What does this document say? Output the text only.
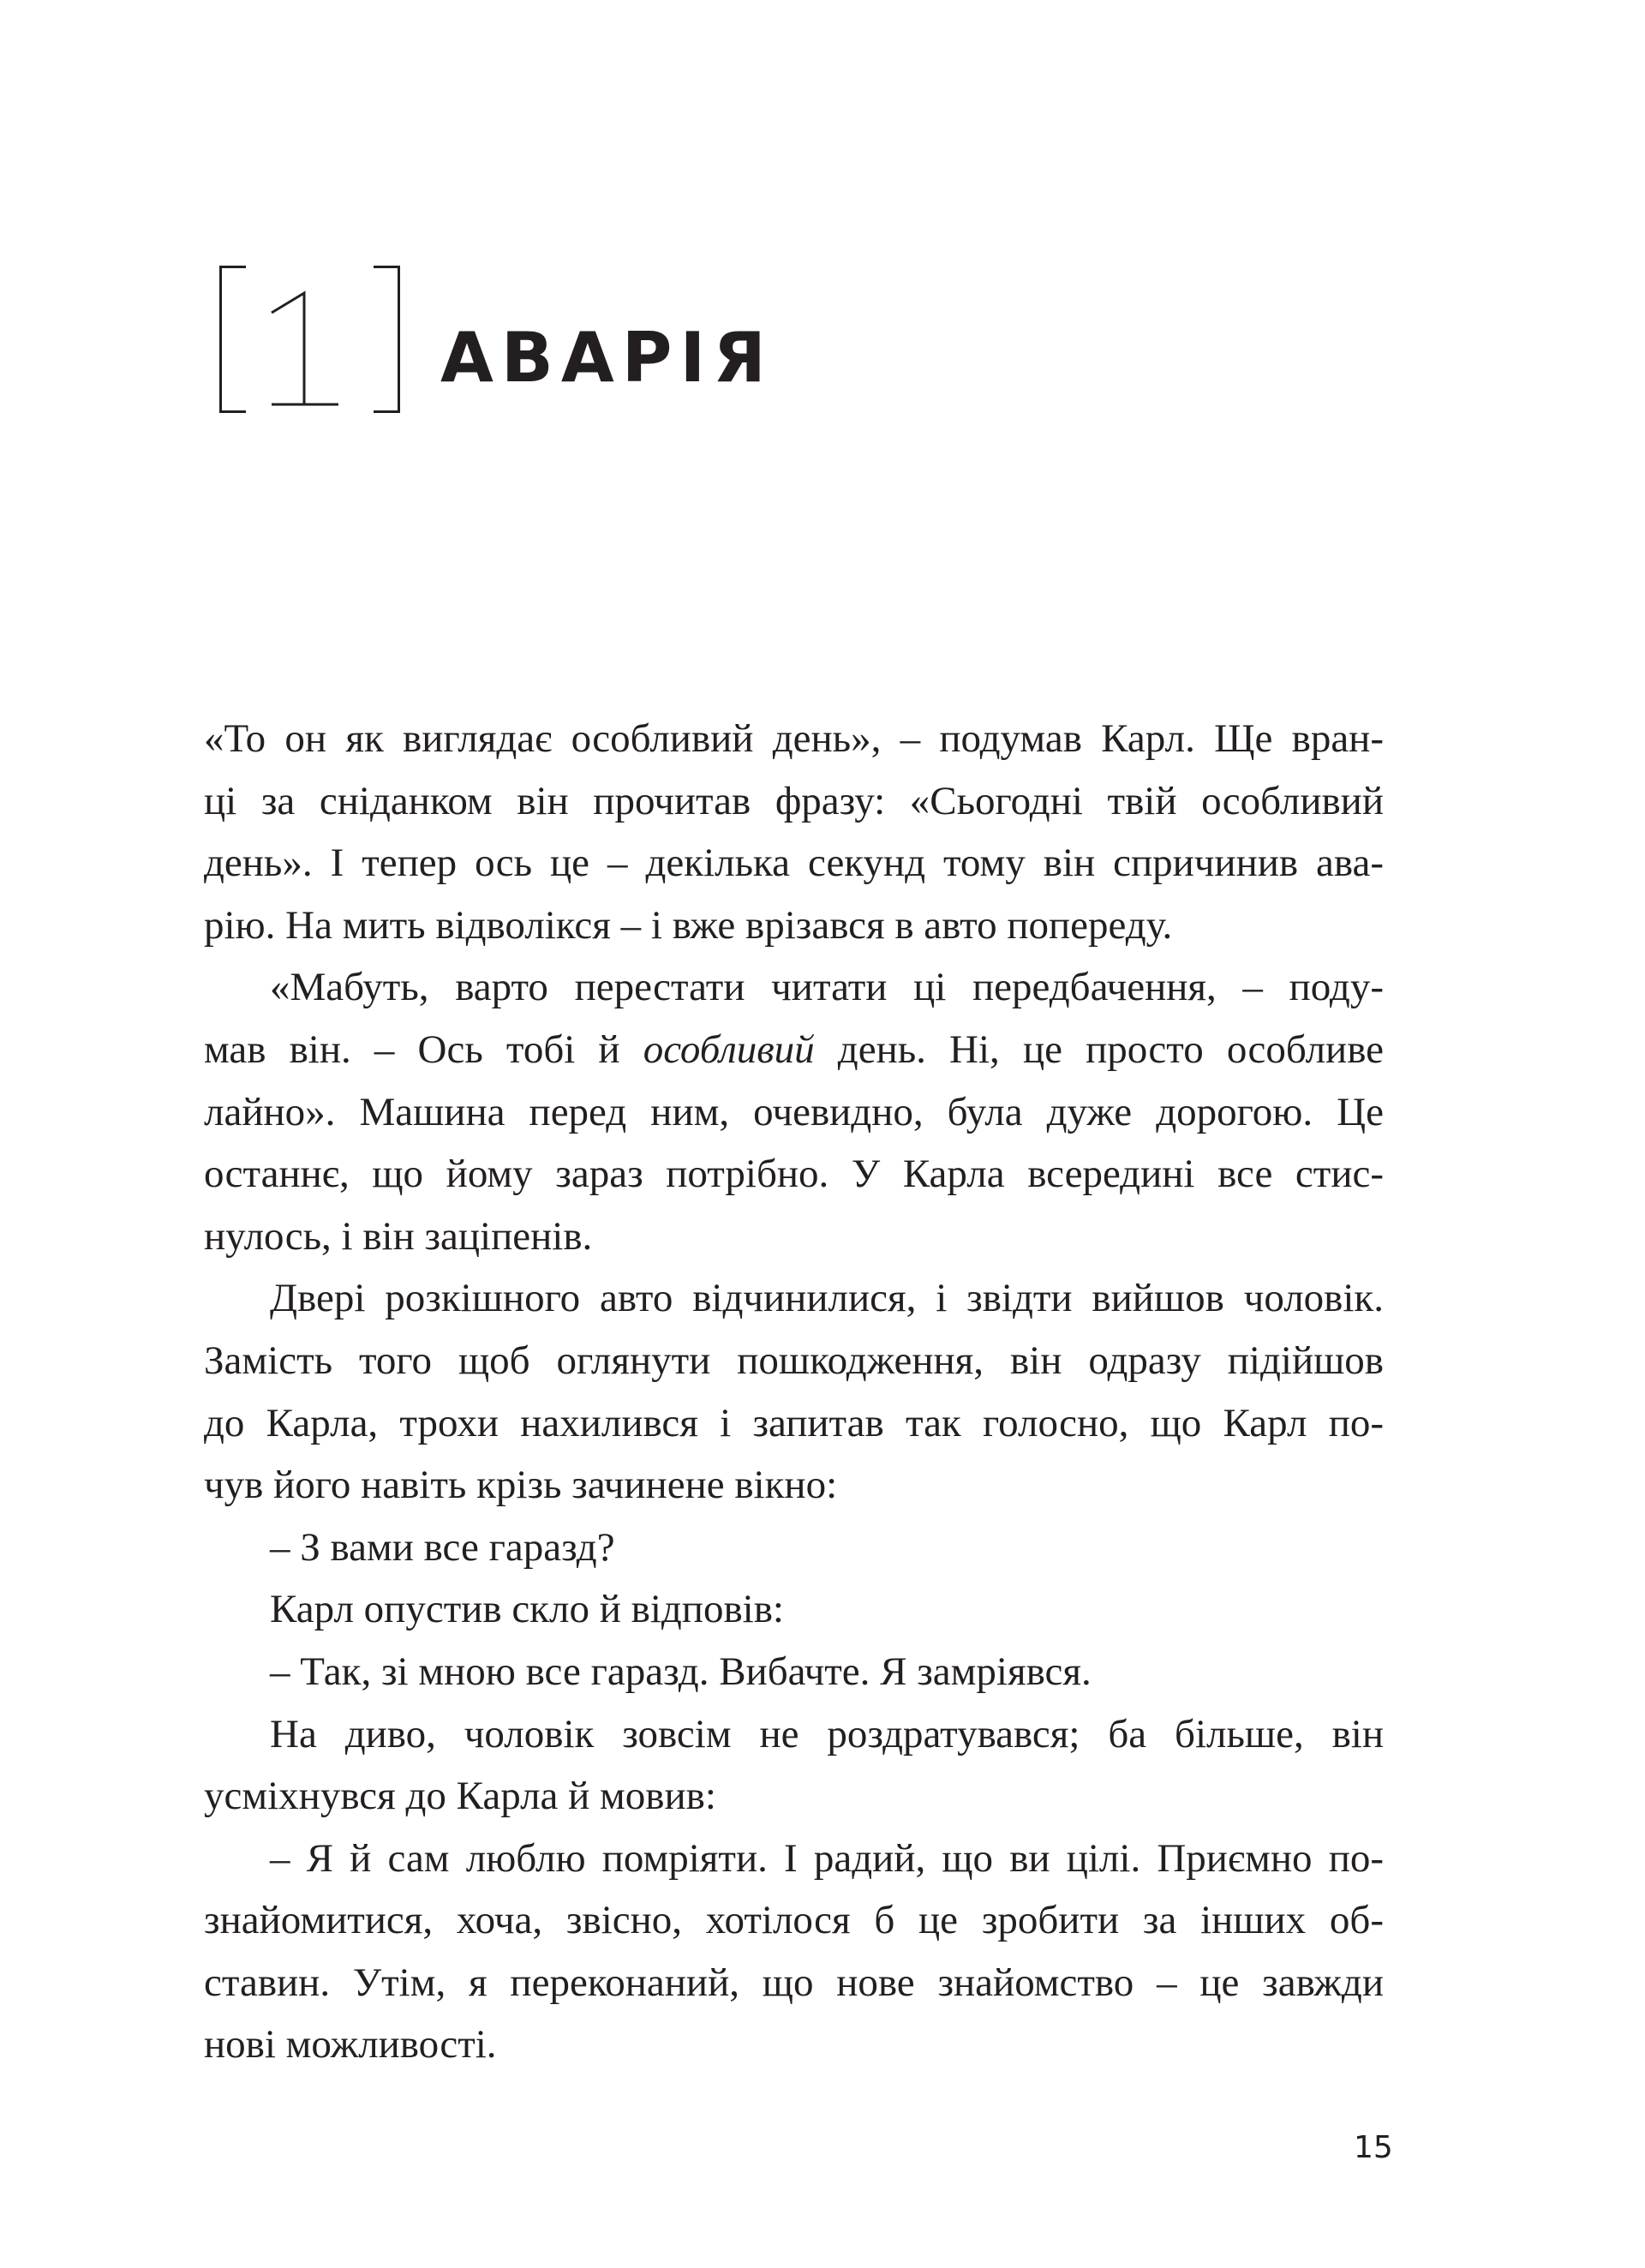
АВАРІЯ
«То он як виглядає особливий день», – подумав Карл. Ще вран-
ці за сніданком він прочитав фразу: «Сьогодні твій особливий
день». І тепер ось це – декілька секунд тому він спричинив ава-
рію. На мить відволікся – і вже врізався в авто попереду.
«Мабуть, варто перестати читати ці передбачення, – поду-
мав він. – Ось тобі й особливий день. Ні, це просто особливе
лайно». Машина перед ним, очевидно, була дуже дорогою. Це
останнє, що йому зараз потрібно. У Карла всередині все стис-
нулось, і він заціпенів.
Двері розкішного авто відчинилися, і звідти вийшов чоловік.
Замість того щоб оглянути пошкодження, він одразу підійшов
до Карла, трохи нахилився і запитав так голосно, що Карл по-
чув його навіть крізь зачинене вікно:
– З вами все гаразд?
Карл опустив скло й відповів:
– Так, зі мною все гаразд. Вибачте. Я замріявся.
На диво, чоловік зовсім не роздратувався; ба більше, він
усміхнувся до Карла й мовив:
– Я й сам люблю помріяти. І радий, що ви цілі. Приємно по-
знайомитися, хоча, звісно, хотілося б це зробити за інших об-
ставин. Утім, я переконаний, що нове знайомство – це завжди
нові можливості.
15
